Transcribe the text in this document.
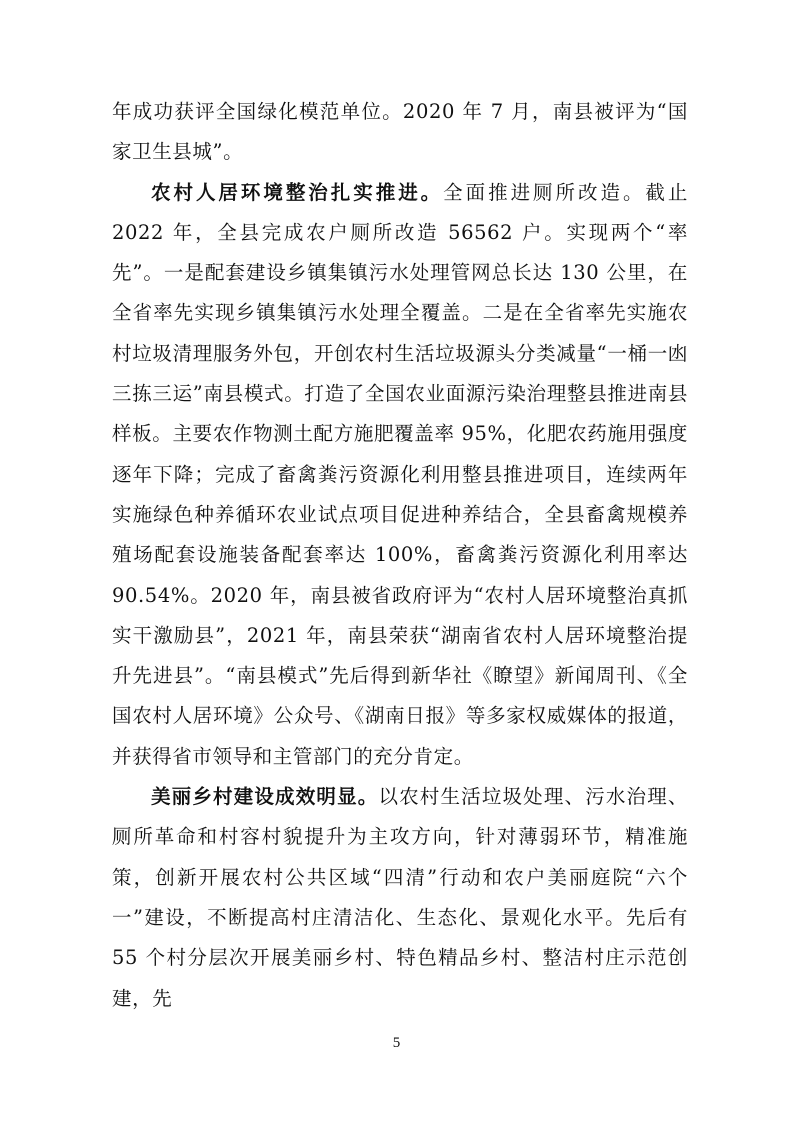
年成功获评全国绿化模范单位。2020 年 7 月，南县被评为“国家卫生县城”。

农村人居环境整治扎实推进。全面推进厕所改造。截止 2022 年，全县完成农户厕所改造 56562 户。实现两个“率先”。一是配套建设乡镇集镇污水处理管网总长达 130 公里，在全省率先实现乡镇集镇污水处理全覆盖。二是在全省率先实施农村垃圾清理服务外包，开创农村生活垃圾源头分类减量“一桶一凼三拣三运”南县模式。打造了全国农业面源污染治理整县推进南县样板。主要农作物测土配方施肥覆盖率 95%，化肥农药施用强度逐年下降；完成了畜禽粪污资源化利用整县推进项目，连续两年实施绿色种养循环农业试点项目促进种养结合，全县畜禽规模养殖场配套设施装备配套率达 100%，畜禽粪污资源化利用率达 90.54%。2020 年，南县被省政府评为“农村人居环境整治真抓实干激励县”，2021 年，南县荣获“湖南省农村人居环境整治提升先进县”。“南县模式”先后得到新华社《瞭望》新闻周刊、《全国农村人居环境》公众号、《湖南日报》等多家权威媒体的报道，并获得省市领导和主管部门的充分肯定。

美丽乡村建设成效明显。以农村生活垃圾处理、污水治理、厕所革命和村容村貌提升为主攻方向，针对薄弱环节，精准施策，创新开展农村公共区域“四清”行动和农户美丽庭院“六个一”建设，不断提高村庄清洁化、生态化、景观化水平。先后有 55 个村分层次开展美丽乡村、特色精品乡村、整洁村庄示范创建，先

5
